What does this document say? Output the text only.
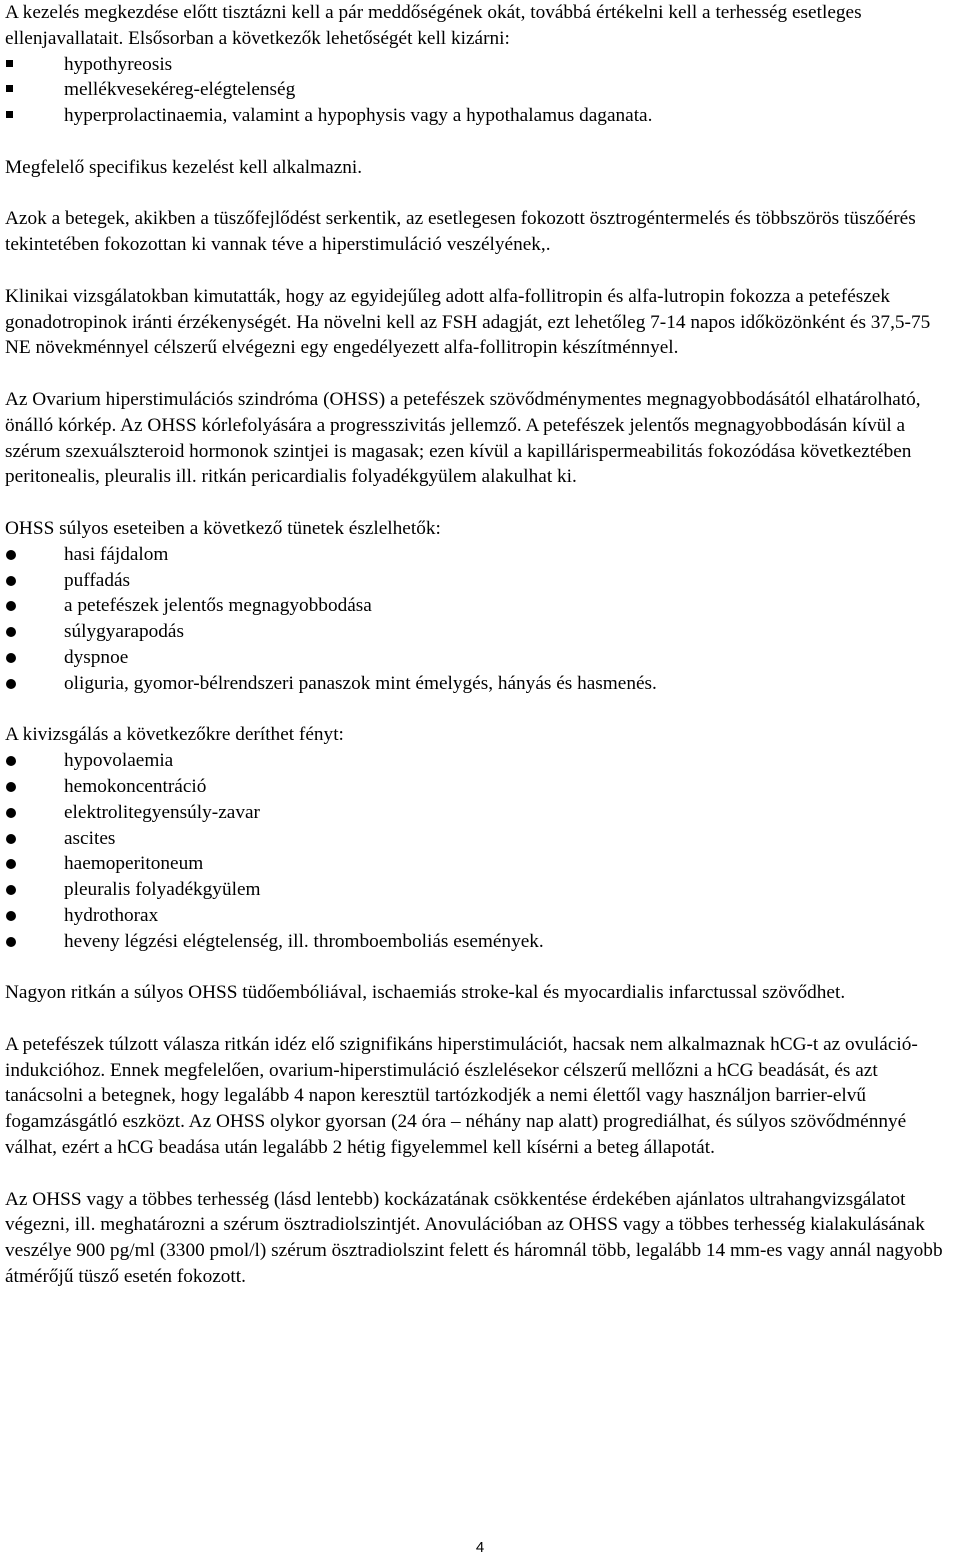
A kezelés megkezdése előtt tisztázni kell a pár meddőségének okát, továbbá értékelni kell a terhesség esetleges ellenjavallatait. Elsősorban a következők lehetőségét kell kizárni:

hypothyreosis
mellékvesekéreg-elégtelenség
hyperprolactinaemia, valamint a hypophysis vagy a hypothalamus daganata.

Megfelelő specifikus kezelést kell alkalmazni.

Azok a betegek, akikben a tüszőfejlődést serkentik, az esetlegesen fokozott ösztrogéntermelés és többszörös tüszőérés tekintetében fokozottan ki vannak téve a hiperstimuláció veszélyének,.

Klinikai vizsgálatokban kimutatták, hogy az egyidejűleg adott alfa-follitropin és alfa-lutropin fokozza a petefészek gonadotropinok iránti érzékenységét. Ha növelni kell az FSH adagját, ezt lehetőleg 7-14 napos időközönként és 37,5-75 NE növekménnyel célszerű elvégezni egy engedélyezett alfa-follitropin készítménnyel.

Az Ovarium hiperstimulációs szindróma (OHSS) a petefészek szövődménymentes megnagyobbodásától elhatárolható, önálló kórkép. Az OHSS kórlefolyására a progresszivitás jellemző. A petefészek jelentős megnagyobbodásán kívül a szérum szexuálszteroid hormonok szintjei is magasak; ezen kívül a kapillárispermeabilitás fokozódása következtében peritonealis, pleuralis ill. ritkán pericardialis folyadékgyülem alakulhat ki.

OHSS súlyos eseteiben a következő tünetek észlelhetők:

hasi fájdalom
puffadás
a petefészek jelentős megnagyobbodása
súlygyarapodás
dyspnoe
oliguria, gyomor-bélrendszeri panaszok mint émelygés, hányás és hasmenés.

A kivizsgálás a következőkre deríthet fényt:

hypovolaemia
hemokoncentráció
elektrolitegyensúly-zavar
ascites
haemoperitoneum
pleuralis folyadékgyülem
hydrothorax
heveny légzési elégtelenség, ill. thromboemboliás események.

Nagyon ritkán a súlyos OHSS tüdőembóliával, ischaemiás stroke-kal és myocardialis infarctussal szövődhet.

A petefészek túlzott válasza ritkán idéz elő szignifikáns hiperstimulációt, hacsak nem alkalmaznak hCG-t az ovuláció-indukcióhoz. Ennek megfelelően, ovarium-hiperstimuláció észlelésekor célszerű mellőzni a hCG beadását, és azt tanácsolni a betegnek, hogy legalább 4 napon keresztül tartózkodjék a nemi élettől vagy használjon barrier-elvű fogamzásgátló eszközt. Az OHSS olykor gyorsan (24 óra – néhány nap alatt) progrediálhat, és súlyos szövődménnyé válhat, ezért a hCG beadása után legalább 2 hétig figyelemmel kell kísérni a beteg állapotát.

Az OHSS vagy a többes terhesség (lásd lentebb) kockázatának csökkentése érdekében ajánlatos ultrahangvizsgálatot végezni, ill. meghatározni a szérum ösztradiolszintjét. Anovulációban az OHSS vagy a többes terhesség kialakulásának veszélye 900 pg/ml (3300 pmol/l) szérum ösztradiolszint felett és háromnál több, legalább 14 mm-es vagy annál nagyobb átmérőjű tüsző esetén fokozott.

4
